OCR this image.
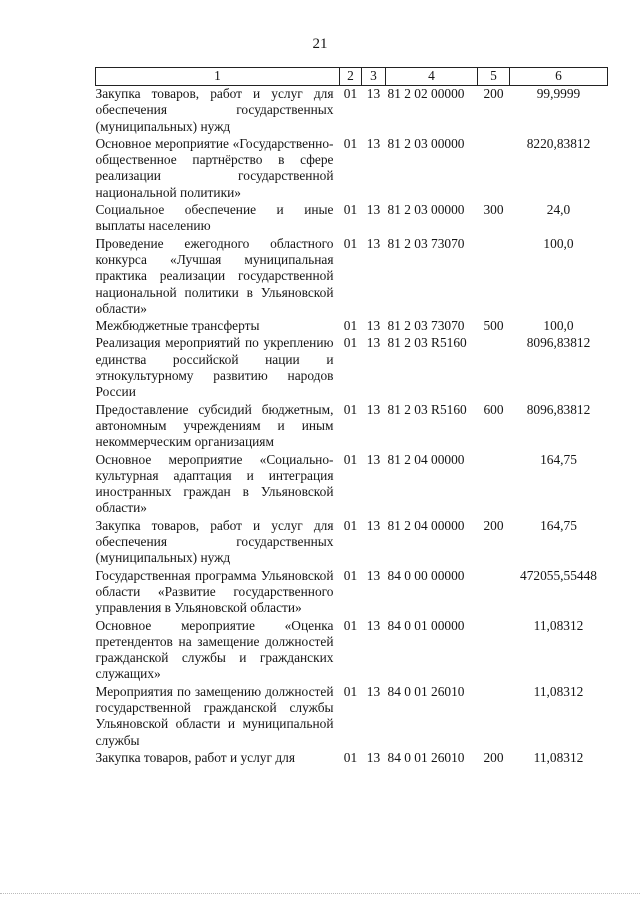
21
1	2	3	4	5	6
Закупка товаров, работ и услуг для обеспечения государственных (муниципальных) нужд	01	13	81 2 02 00000	200	99,9999
Основное мероприятие «Государственно-общественное партнёрство в сфере реализации государственной национальной политики»	01	13	81 2 03 00000		8220,83812
Социальное обеспечение и иные выплаты населению	01	13	81 2 03 00000	300	24,0
Проведение ежегодного областного конкурса «Лучшая муниципальная практика реализации государственной национальной политики в Ульяновской области»	01	13	81 2 03 73070		100,0
Межбюджетные трансферты	01	13	81 2 03 73070	500	100,0
Реализация мероприятий по укреплению единства российской нации и этнокультурному развитию народов России	01	13	81 2 03 R5160		8096,83812
Предоставление субсидий бюджетным, автономным учреждениям и иным некоммерческим организациям	01	13	81 2 03 R5160	600	8096,83812
Основное мероприятие «Социально-культурная адаптация и интеграция иностранных граждан в Ульяновской области»	01	13	81 2 04 00000		164,75
Закупка товаров, работ и услуг для обеспечения государственных (муниципальных) нужд	01	13	81 2 04 00000	200	164,75
Государственная программа Ульяновской области «Развитие государственного управления в Ульяновской области»	01	13	84 0 00 00000		472055,55448
Основное мероприятие «Оценка претендентов на замещение должностей гражданской службы и гражданских служащих»	01	13	84 0 01 00000		11,08312
Мероприятия по замещению должностей государственной гражданской службы Ульяновской области и муниципальной службы	01	13	84 0 01 26010		11,08312
Закупка товаров, работ и услуг для	01	13	84 0 01 26010	200	11,08312
